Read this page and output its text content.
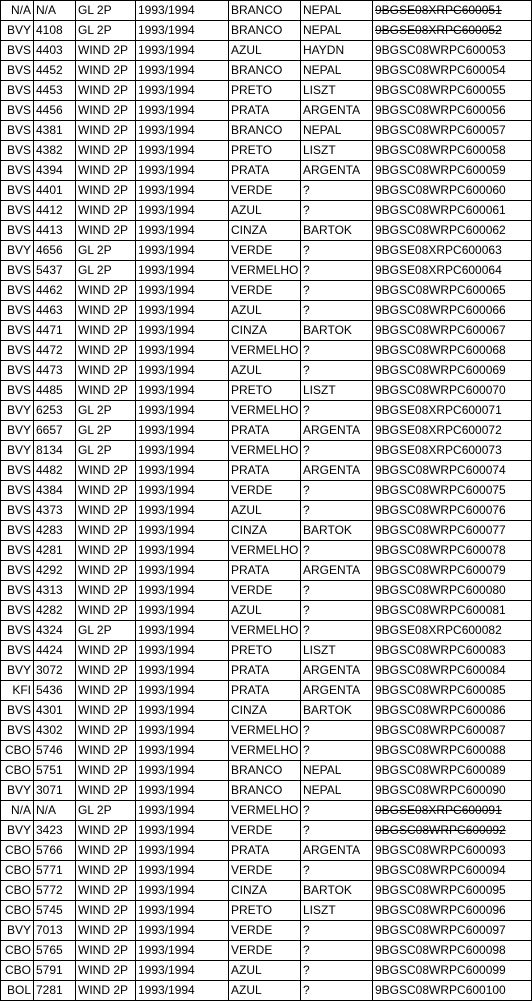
N/A	N/A	GL 2P	1993/1994	BRANCO	NEPAL	9BGSE08XRPC600051
BVY	4108	GL 2P	1993/1994	BRANCO	NEPAL	9BGSE08XRPC600052
BVS	4403	WIND 2P	1993/1994	AZUL	HAYDN	9BGSC08WRPC600053
BVS	4452	WIND 2P	1993/1994	BRANCO	NEPAL	9BGSC08WRPC600054
BVS	4453	WIND 2P	1993/1994	PRETO	LISZT	9BGSC08WRPC600055
BVS	4456	WIND 2P	1993/1994	PRATA	ARGENTA	9BGSC08WRPC600056
BVS	4381	WIND 2P	1993/1994	BRANCO	NEPAL	9BGSC08WRPC600057
BVS	4382	WIND 2P	1993/1994	PRETO	LISZT	9BGSC08WRPC600058
BVS	4394	WIND 2P	1993/1994	PRATA	ARGENTA	9BGSC08WRPC600059
BVS	4401	WIND 2P	1993/1994	VERDE	?	9BGSC08WRPC600060
BVS	4412	WIND 2P	1993/1994	AZUL	?	9BGSC08WRPC600061
BVS	4413	WIND 2P	1993/1994	CINZA	BARTOK	9BGSC08WRPC600062
BVY	4656	GL 2P	1993/1994	VERDE	?	9BGSE08XRPC600063
BVS	5437	GL 2P	1993/1994	VERMELHO	?	9BGSE08XRPC600064
BVS	4462	WIND 2P	1993/1994	VERDE	?	9BGSC08WRPC600065
BVS	4463	WIND 2P	1993/1994	AZUL	?	9BGSC08WRPC600066
BVS	4471	WIND 2P	1993/1994	CINZA	BARTOK	9BGSC08WRPC600067
BVS	4472	WIND 2P	1993/1994	VERMELHO	?	9BGSC08WRPC600068
BVS	4473	WIND 2P	1993/1994	AZUL	?	9BGSC08WRPC600069
BVS	4485	WIND 2P	1993/1994	PRETO	LISZT	9BGSC08WRPC600070
BVY	6253	GL 2P	1993/1994	VERMELHO	?	9BGSE08XRPC600071
BVY	6657	GL 2P	1993/1994	PRATA	ARGENTA	9BGSE08XRPC600072
BVY	8134	GL 2P	1993/1994	VERMELHO	?	9BGSE08XRPC600073
BVS	4482	WIND 2P	1993/1994	PRATA	ARGENTA	9BGSC08WRPC600074
BVS	4384	WIND 2P	1993/1994	VERDE	?	9BGSC08WRPC600075
BVS	4373	WIND 2P	1993/1994	AZUL	?	9BGSC08WRPC600076
BVS	4283	WIND 2P	1993/1994	CINZA	BARTOK	9BGSC08WRPC600077
BVS	4281	WIND 2P	1993/1994	VERMELHO	?	9BGSC08WRPC600078
BVS	4292	WIND 2P	1993/1994	PRATA	ARGENTA	9BGSC08WRPC600079
BVS	4313	WIND 2P	1993/1994	VERDE	?	9BGSC08WRPC600080
BVS	4282	WIND 2P	1993/1994	AZUL	?	9BGSC08WRPC600081
BVS	4324	GL 2P	1993/1994	VERMELHO	?	9BGSE08XRPC600082
BVS	4424	WIND 2P	1993/1994	PRETO	LISZT	9BGSC08WRPC600083
BVY	3072	WIND 2P	1993/1994	PRATA	ARGENTA	9BGSC08WRPC600084
KFI	5436	WIND 2P	1993/1994	PRATA	ARGENTA	9BGSC08WRPC600085
BVS	4301	WIND 2P	1993/1994	CINZA	BARTOK	9BGSC08WRPC600086
BVS	4302	WIND 2P	1993/1994	VERMELHO	?	9BGSC08WRPC600087
CBO	5746	WIND 2P	1993/1994	VERMELHO	?	9BGSC08WRPC600088
CBO	5751	WIND 2P	1993/1994	BRANCO	NEPAL	9BGSC08WRPC600089
BVY	3071	WIND 2P	1993/1994	BRANCO	NEPAL	9BGSC08WRPC600090
N/A	N/A	GL 2P	1993/1994	VERMELHO	?	9BGSE08XRPC600091
BVY	3423	WIND 2P	1993/1994	VERDE	?	9BGSC08WRPC600092
CBO	5766	WIND 2P	1993/1994	PRATA	ARGENTA	9BGSC08WRPC600093
CBO	5771	WIND 2P	1993/1994	VERDE	?	9BGSC08WRPC600094
CBO	5772	WIND 2P	1993/1994	CINZA	BARTOK	9BGSC08WRPC600095
CBO	5745	WIND 2P	1993/1994	PRETO	LISZT	9BGSC08WRPC600096
BVY	7013	WIND 2P	1993/1994	VERDE	?	9BGSC08WRPC600097
CBO	5765	WIND 2P	1993/1994	VERDE	?	9BGSC08WRPC600098
CBO	5791	WIND 2P	1993/1994	AZUL	?	9BGSC08WRPC600099
BOL	7281	WIND 2P	1993/1994	AZUL	?	9BGSC08WRPC600100
